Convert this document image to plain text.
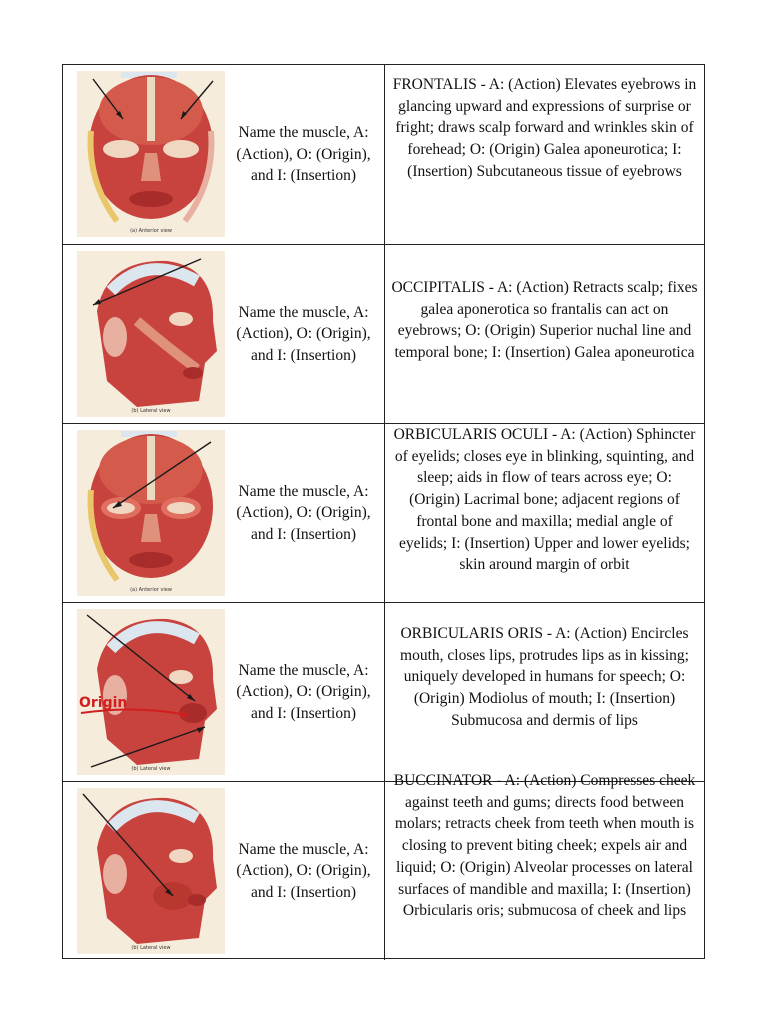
(a) Anterior view
Name the muscle, A: (Action), O: (Origin), and I: (Insertion)
FRONTALIS - A: (Action) Elevates eyebrows in glancing upward and expressions of surprise or fright; draws scalp forward and wrinkles skin of forehead; O: (Origin) Galea aponeurotica; I: (Insertion) Subcutaneous tissue of eyebrows
(b) Lateral view
Name the muscle, A: (Action), O: (Origin), and I: (Insertion)
OCCIPITALIS - A: (Action) Retracts scalp; fixes galea aponerotica so frantalis can act on eyebrows; O: (Origin) Superior nuchal line and temporal bone; I: (Insertion) Galea aponeurotica
(a) Anterior view
Name the muscle, A: (Action), O: (Origin), and I: (Insertion)
ORBICULARIS OCULI - A: (Action) Sphincter of eyelids; closes eye in blinking, squinting, and sleep; aids in flow of tears across eye; O: (Origin) Lacrimal bone; adjacent regions of frontal bone and maxilla; medial angle of eyelids; I: (Insertion) Upper and lower eyelids; skin around margin of orbit
Origin
(b) Lateral view
Name the muscle, A: (Action), O: (Origin), and I: (Insertion)
ORBICULARIS ORIS - A: (Action) Encircles mouth, closes lips, protrudes lips as in kissing; uniquely developed in humans for speech; O: (Origin) Modiolus of mouth; I: (Insertion) Submucosa and dermis of lips
(b) Lateral view
Name the muscle, A: (Action), O: (Origin), and I: (Insertion)
BUCCINATOR - A: (Action) Compresses cheek against teeth and gums; directs food between molars; retracts cheek from teeth when mouth is closing to prevent biting cheek; expels air and liquid; O: (Origin) Alveolar processes on lateral surfaces of mandible and maxilla; I: (Insertion) Orbicularis oris; submucosa of cheek and lips
